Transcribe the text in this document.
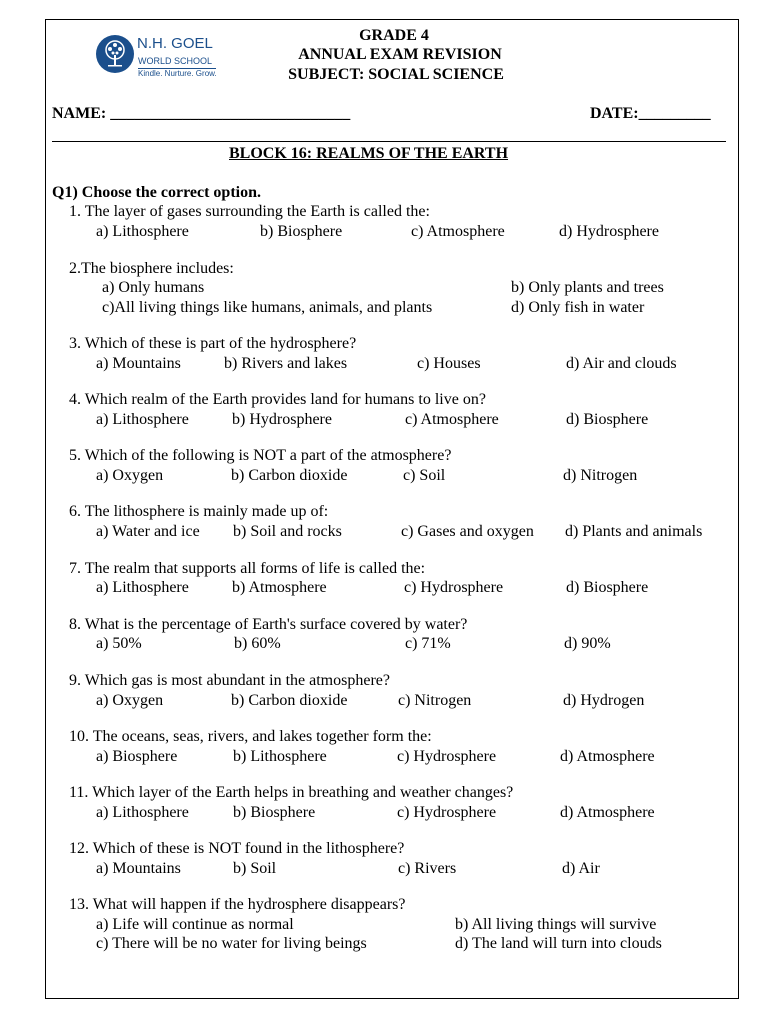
N.H. GOEL
WORLD SCHOOL
Kindle. Nurture. Grow.
GRADE 4
ANNUAL EXAM REVISION
SUBJECT: SOCIAL SCIENCE
NAME: ______________________________	DATE:_________
BLOCK 16: REALMS OF THE EARTH
Q1) Choose the correct option.
1. The layer of gases surrounding the Earth is called the:
a) Lithosphere	b) Biosphere	c) Atmosphere	d) Hydrosphere
2.The biosphere includes:
a) Only humans	b) Only plants and trees
c)All living things like humans, animals, and plants	d) Only fish in water
3. Which of these is part of the hydrosphere?
a) Mountains	b) Rivers and lakes	c) Houses	d) Air and clouds
4. Which realm of the Earth provides land for humans to live on?
a) Lithosphere	b) Hydrosphere	c) Atmosphere	d) Biosphere
5. Which of the following is NOT a part of the atmosphere?
a) Oxygen	b) Carbon dioxide	c) Soil	d) Nitrogen
6. The lithosphere is mainly made up of:
a) Water and ice b) Soil and rocks	c) Gases and oxygen d) Plants and animals
7. The realm that supports all forms of life is called the:
a) Lithosphere	b) Atmosphere	c) Hydrosphere	d) Biosphere
8. What is the percentage of Earth's surface covered by water?
a) 50%	b) 60%	c) 71%	d) 90%
9. Which gas is most abundant in the atmosphere?
a) Oxygen	b) Carbon dioxide	c) Nitrogen	d) Hydrogen
10. The oceans, seas, rivers, and lakes together form the:
a) Biosphere	b) Lithosphere	c) Hydrosphere	d) Atmosphere
11. Which layer of the Earth helps in breathing and weather changes?
a) Lithosphere	b) Biosphere	c) Hydrosphere	d) Atmosphere
12. Which of these is NOT found in the lithosphere?
a) Mountains	b) Soil	c) Rivers	d) Air
13. What will happen if the hydrosphere disappears?
a) Life will continue as normal	b) All living things will survive
c) There will be no water for living beings	d) The land will turn into clouds
